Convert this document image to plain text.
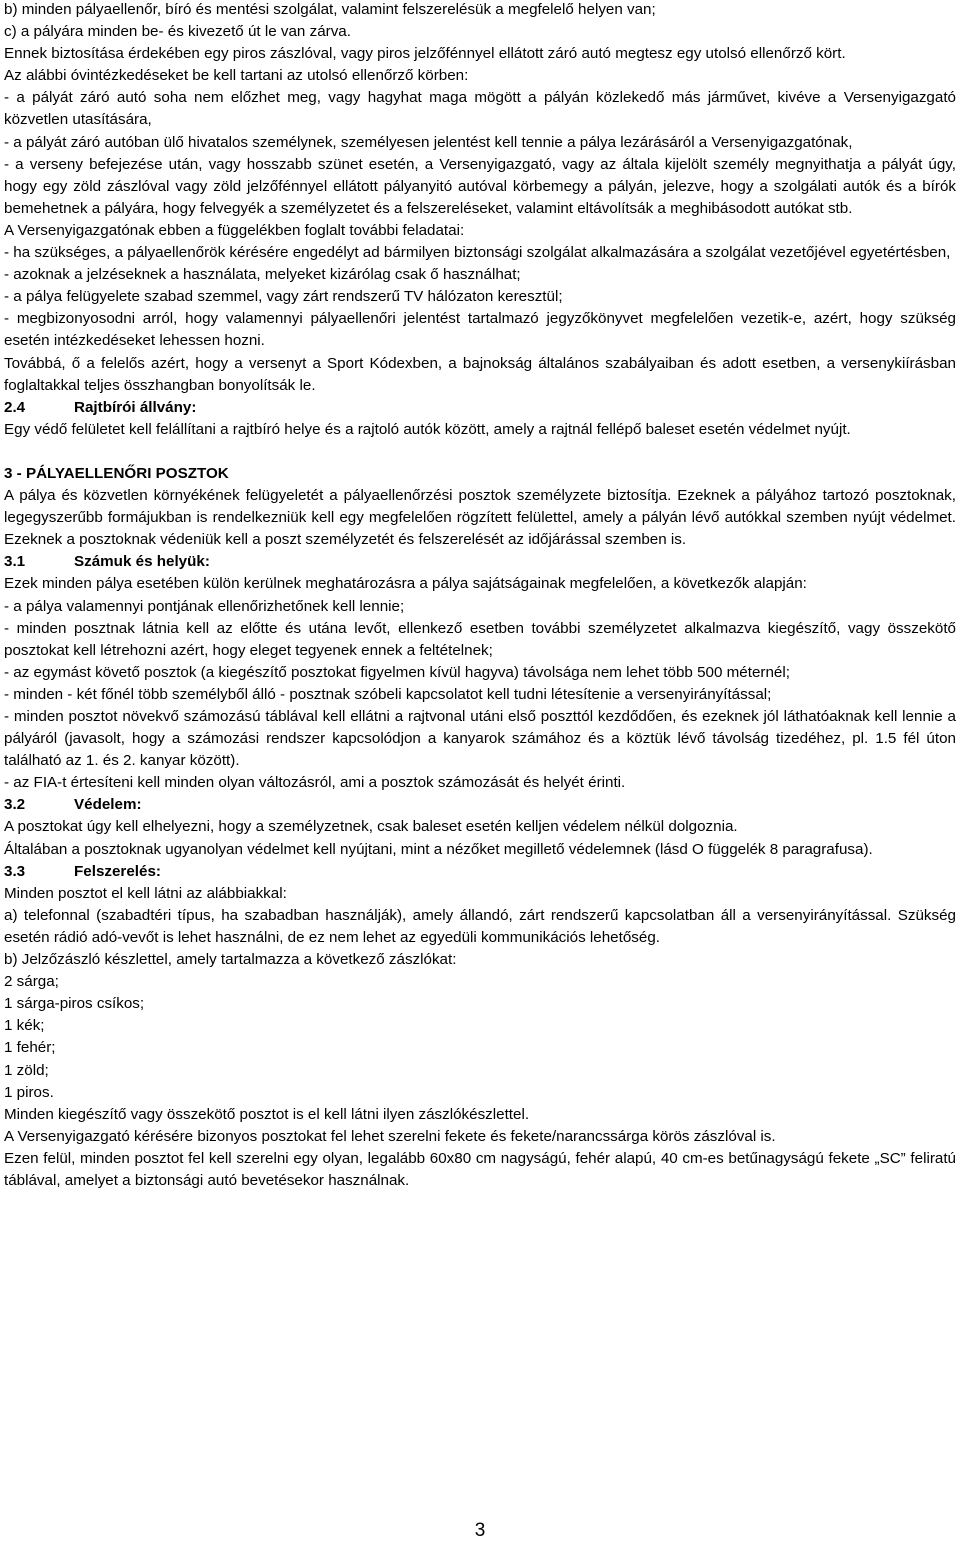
b) minden pályaellenőr, bíró és mentési szolgálat, valamint felszerelésük a megfelelő helyen van;

c) a pályára minden be- és kivezető út le van zárva.

Ennek biztosítása érdekében egy piros zászlóval, vagy piros jelzőfénnyel ellátott záró autó megtesz egy utolsó ellenőrző kört.

Az alábbi óvintézkedéseket be kell tartani az utolsó ellenőrző körben:

- a pályát záró autó soha nem előzhet meg, vagy hagyhat maga mögött a pályán közlekedő más járművet, kivéve a Versenyigazgató közvetlen utasítására,

- a pályát záró autóban ülő hivatalos személynek, személyesen jelentést kell tennie a pálya lezárásáról a Versenyigazgatónak,

- a verseny befejezése után, vagy hosszabb szünet esetén, a Versenyigazgató, vagy az általa kijelölt személy megnyithatja a pályát úgy, hogy egy zöld zászlóval vagy zöld jelzőfénnyel ellátott pályanyitó autóval körbemegy a pályán, jelezve, hogy a szolgálati autók és a bírók bemehetnek a pályára, hogy felvegyék a személyzetet és a felszereléseket, valamint eltávolítsák a meghibásodott autókat stb.

A Versenyigazgatónak ebben a függelékben foglalt további feladatai:

- ha szükséges, a pályaellenőrök kérésére engedélyt ad bármilyen biztonsági szolgálat alkalmazására a szolgálat vezetőjével egyetértésben,

- azoknak a jelzéseknek a használata, melyeket kizárólag csak ő használhat;

- a pálya felügyelete szabad szemmel, vagy zárt rendszerű TV hálózaton keresztül;

- megbizonyosodni arról, hogy valamennyi pályaellenőri jelentést tartalmazó jegyzőkönyvet megfelelően vezetik-e, azért, hogy szükség esetén intézkedéseket lehessen hozni.

Továbbá, ő a felelős azért, hogy a versenyt a Sport Kódexben, a bajnokság általános szabályaiban és adott esetben, a versenykiírásban foglaltakkal teljes összhangban bonyolítsák le.

2.4	Rajtbírói állvány:

Egy védő felületet kell felállítani a rajtbíró helye és a rajtoló autók között, amely a rajtnál fellépő baleset esetén védelmet nyújt.

3 - PÁLYAELLENŐRI POSZTOK

A pálya és közvetlen környékének felügyeletét a pályaellenőrzési posztok személyzete biztosítja. Ezeknek a pályához tartozó posztoknak, legegyszerűbb formájukban is rendelkezniük kell egy megfelelően rögzített felülettel, amely a pályán lévő autókkal szemben nyújt védelmet. Ezeknek a posztoknak védeniük kell a poszt személyzetét és felszerelését az időjárással szemben is.

3.1	Számuk és helyük:

Ezek minden pálya esetében külön kerülnek meghatározásra a pálya sajátságainak megfelelően, a következők alapján:

- a pálya valamennyi pontjának ellenőrizhetőnek kell lennie;

- minden posztnak látnia kell az előtte és utána levőt, ellenkező esetben további személyzetet alkalmazva kiegészítő, vagy összekötő posztokat kell létrehozni azért, hogy eleget tegyenek ennek a feltételnek;

- az egymást követő posztok (a kiegészítő posztokat figyelmen kívül hagyva) távolsága nem lehet több 500 méternél;

- minden - két főnél több személyből álló - posztnak szóbeli kapcsolatot kell tudni létesítenie a versenyirányítással;

- minden posztot növekvő számozású táblával kell ellátni a rajtvonal utáni első poszttól kezdődően, és ezeknek jól láthatóaknak kell lennie a pályáról (javasolt, hogy a számozási rendszer kapcsolódjon a kanyarok számához és a köztük lévő távolság tizedéhez, pl. 1.5 fél úton található az 1. és 2. kanyar között).

- az FIA-t értesíteni kell minden olyan változásról, ami a posztok számozását és helyét érinti.

3.2	Védelem:

A posztokat úgy kell elhelyezni, hogy a személyzetnek, csak baleset esetén kelljen védelem nélkül dolgoznia.

Általában a posztoknak ugyanolyan védelmet kell nyújtani, mint a nézőket megillető védelemnek (lásd O függelék 8 paragrafusa).

3.3	Felszerelés:

Minden posztot el kell látni az alábbiakkal:

a) telefonnal (szabadtéri típus, ha szabadban használják), amely állandó, zárt rendszerű kapcsolatban áll a versenyirányítással. Szükség esetén rádió adó-vevőt is lehet használni, de ez nem lehet az egyedüli kommunikációs lehetőség.

b) Jelzőzászló készlettel, amely tartalmazza a következő zászlókat:

2 sárga;

1 sárga-piros csíkos;

1 kék;

1 fehér;

1 zöld;

1 piros.

Minden kiegészítő vagy összekötő posztot is el kell látni ilyen zászlókészlettel.

A Versenyigazgató kérésére bizonyos posztokat fel lehet szerelni fekete és fekete/narancssárga körös zászlóval is.

Ezen felül, minden posztot fel kell szerelni egy olyan, legalább 60x80 cm nagyságú, fehér alapú, 40 cm-es betűnagyságú fekete „SC” feliratú táblával, amelyet a biztonsági autó bevetésekor használnak.

3
